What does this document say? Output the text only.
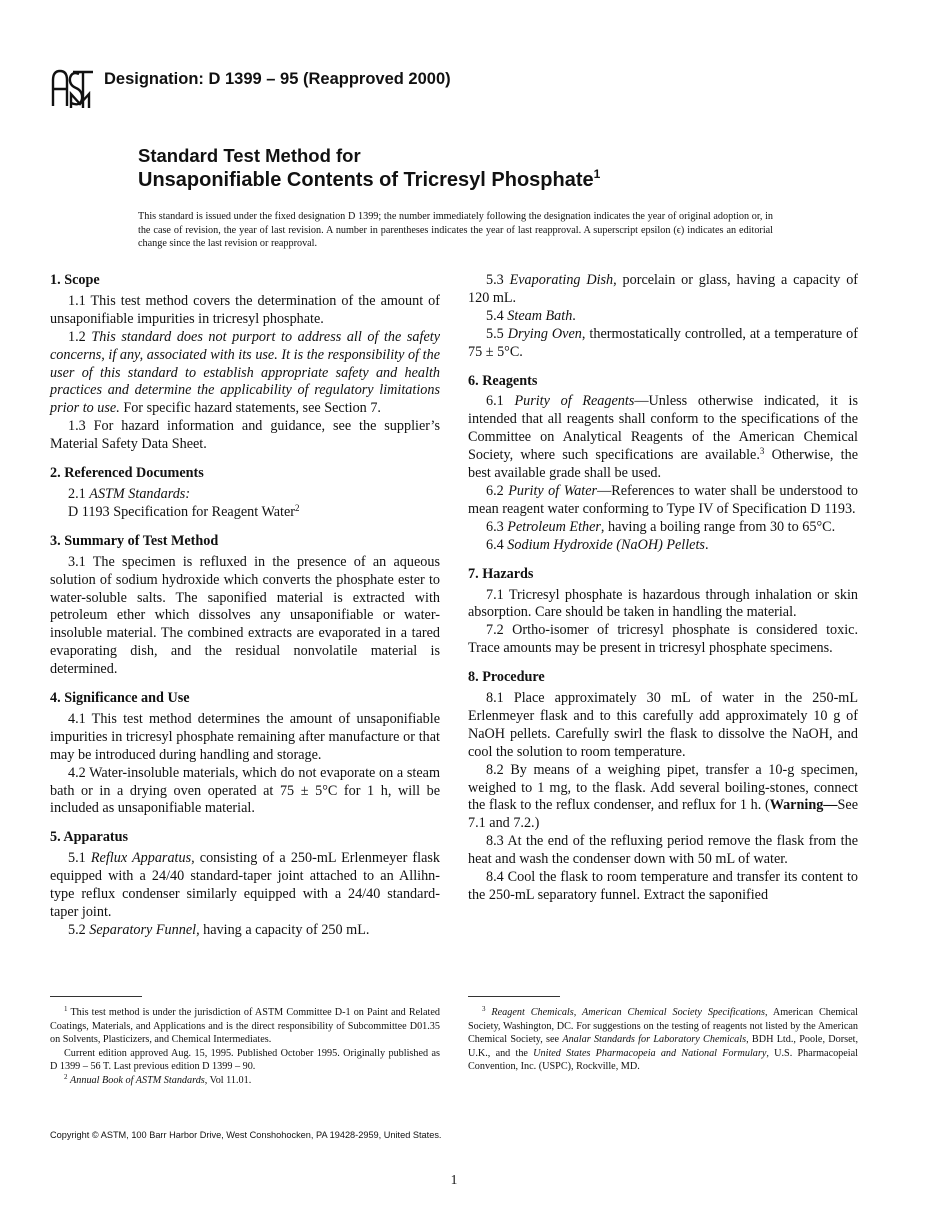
ASTM
Designation: D 1399 – 95 (Reapproved 2000)
Standard Test Method for
Unsaponifiable Contents of Tricresyl Phosphate$^1$
This standard is issued under the fixed designation D 1399; the number immediately following the designation indicates the year of original adoption or, in the case of revision, the year of last revision. A number in parentheses indicates the year of last reapproval. A superscript epsilon (ϵ) indicates an editorial change since the last revision or reapproval.
1. Scope

1.1 This test method covers the determination of the amount of unsaponifiable impurities in tricresyl phosphate.

1.2 This standard does not purport to address all of the safety concerns, if any, associated with its use. It is the responsibility of the user of this standard to establish appropriate safety and health practices and determine the applicability of regulatory limitations prior to use. For specific hazard statements, see Section 7.

1.3 For hazard information and guidance, see the supplier’s Material Safety Data Sheet.

2. Referenced Documents

2.1 ASTM Standards:

D 1193 Specification for Reagent Water$^2$

3. Summary of Test Method

3.1 The specimen is refluxed in the presence of an aqueous solution of sodium hydroxide which converts the phosphate ester to water-soluble salts. The saponified material is extracted with petroleum ether which dissolves any unsaponifiable or water-insoluble material. The combined extracts are evaporated in a tared evaporating dish, and the residual nonvolatile material is determined.

4. Significance and Use

4.1 This test method determines the amount of unsaponifiable impurities in tricresyl phosphate remaining after manufacture or that may be introduced during handling and storage.

4.2 Water-insoluble materials, which do not evaporate on a steam bath or in a drying oven operated at 75 ± 5°C for 1 h, will be included as unsaponifiable material.

5. Apparatus

5.1 Reflux Apparatus, consisting of a 250-mL Erlenmeyer flask equipped with a 24/40 standard-taper joint attached to an Allihn-type reflux condenser similarly equipped with a 24/40 standard-taper joint.

5.2 Separatory Funnel, having a capacity of 250 mL.

5.3 Evaporating Dish, porcelain or glass, having a capacity of 120 mL.

5.4 Steam Bath.

5.5 Drying Oven, thermostatically controlled, at a temperature of 75 ± 5°C.

6. Reagents

6.1 Purity of Reagents—Unless otherwise indicated, it is intended that all reagents shall conform to the specifications of the Committee on Analytical Reagents of the American Chemical Society, where such specifications are available.$^3$ Otherwise, the best available grade shall be used.

6.2 Purity of Water—References to water shall be understood to mean reagent water conforming to Type IV of Specification D 1193.

6.3 Petroleum Ether, having a boiling range from 30 to 65°C.

6.4 Sodium Hydroxide (NaOH) Pellets.

7. Hazards

7.1 Tricresyl phosphate is hazardous through inhalation or skin absorption. Care should be taken in handling the material.

7.2 Ortho-isomer of tricresyl phosphate is considered toxic. Trace amounts may be present in tricresyl phosphate specimens.

8. Procedure

8.1 Place approximately 30 mL of water in the 250-mL Erlenmeyer flask and to this carefully add approximately 10 g of NaOH pellets. Carefully swirl the flask to dissolve the NaOH, and cool the solution to room temperature.

8.2 By means of a weighing pipet, transfer a 10-g specimen, weighed to 1 mg, to the flask. Add several boiling-stones, connect the flask to the reflux condenser, and reflux for 1 h. (Warning—See 7.1 and 7.2.)

8.3 At the end of the refluxing period remove the flask from the heat and wash the condenser down with 50 mL of water.

8.4 Cool the flask to room temperature and transfer its content to the 250-mL separatory funnel. Extract the saponified

$^1$ This test method is under the jurisdiction of ASTM Committee D-1 on Paint and Related Coatings, Materials, and Applications and is the direct responsibility of Subcommittee D01.35 on Solvents, Plasticizers, and Chemical Intermediates.

Current edition approved Aug. 15, 1995. Published October 1995. Originally published as D 1399 – 56 T. Last previous edition D 1399 – 90.

$^2$ Annual Book of ASTM Standards, Vol 11.01.

$^3$ Reagent Chemicals, American Chemical Society Specifications, American Chemical Society, Washington, DC. For suggestions on the testing of reagents not listed by the American Chemical Society, see Analar Standards for Laboratory Chemicals, BDH Ltd., Poole, Dorset, U.K., and the United States Pharmacopeia and National Formulary, U.S. Pharmacopeial Convention, Inc. (USPC), Rockville, MD.

Copyright © ASTM, 100 Barr Harbor Drive, West Conshohocken, PA 19428-2959, United States.
1
